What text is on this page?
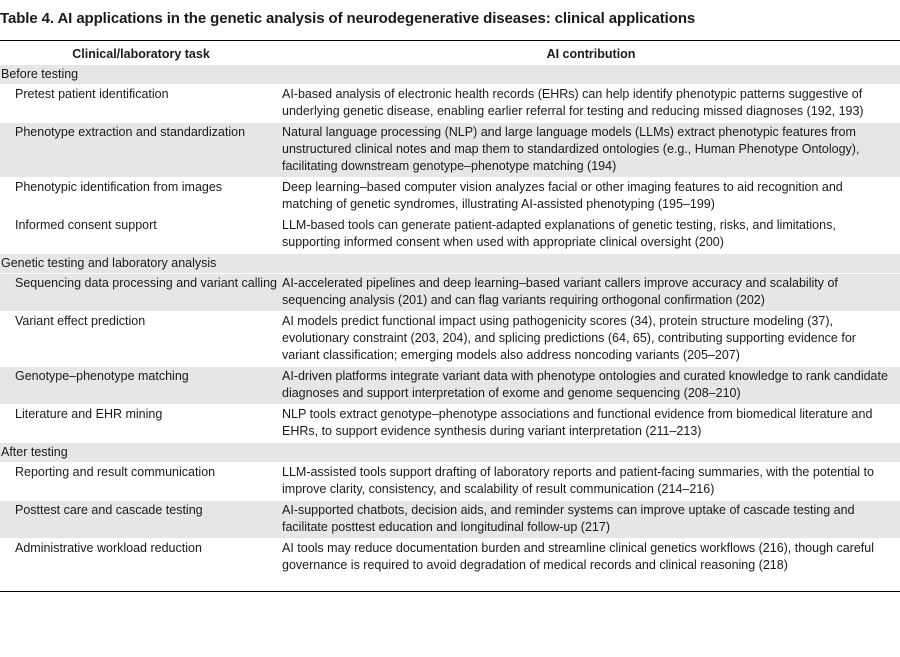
Table 4. AI applications in the genetic analysis of neurodegenerative diseases: clinical applications
Clinical/laboratory task	AI contribution
Before testing	
Pretest patient identification	AI-based analysis of electronic health records (EHRs) can help identify phenotypic patterns suggestive of underlying genetic disease, enabling earlier referral for testing and reducing missed diagnoses (192, 193)
Phenotype extraction and standardization	Natural language processing (NLP) and large language models (LLMs) extract phenotypic features from unstructured clinical notes and map them to standardized ontologies (e.g., Human Phenotype Ontology), facilitating downstream genotype–phenotype matching (194)
Phenotypic identification from images	Deep learning–based computer vision analyzes facial or other imaging features to aid recognition and matching of genetic syndromes, illustrating AI-assisted phenotyping (195–199)
Informed consent support	LLM-based tools can generate patient-adapted explanations of genetic testing, risks, and limitations, supporting informed consent when used with appropriate clinical oversight (200)
Genetic testing and laboratory analysis	
Sequencing data processing and variant calling	AI-accelerated pipelines and deep learning–based variant callers improve accuracy and scalability of sequencing analysis (201) and can flag variants requiring orthogonal confirmation (202)
Variant effect prediction	AI models predict functional impact using pathogenicity scores (34), protein structure modeling (37), evolutionary constraint (203, 204), and splicing predictions (64, 65), contributing supporting evidence for variant classification; emerging models also address noncoding variants (205–207)
Genotype–phenotype matching	AI-driven platforms integrate variant data with phenotype ontologies and curated knowledge to rank candidate diagnoses and support interpretation of exome and genome sequencing (208–210)
Literature and EHR mining	NLP tools extract genotype–phenotype associations and functional evidence from biomedical literature and EHRs, to support evidence synthesis during variant interpretation (211–213)
After testing	
Reporting and result communication	LLM-assisted tools support drafting of laboratory reports and patient-facing summaries, with the potential to improve clarity, consistency, and scalability of result communication (214–216)
Posttest care and cascade testing	AI-supported chatbots, decision aids, and reminder systems can improve uptake of cascade testing and facilitate posttest education and longitudinal follow-up (217)
Administrative workload reduction	AI tools may reduce documentation burden and streamline clinical genetics workflows (216), though careful governance is required to avoid degradation of medical records and clinical reasoning (218)
